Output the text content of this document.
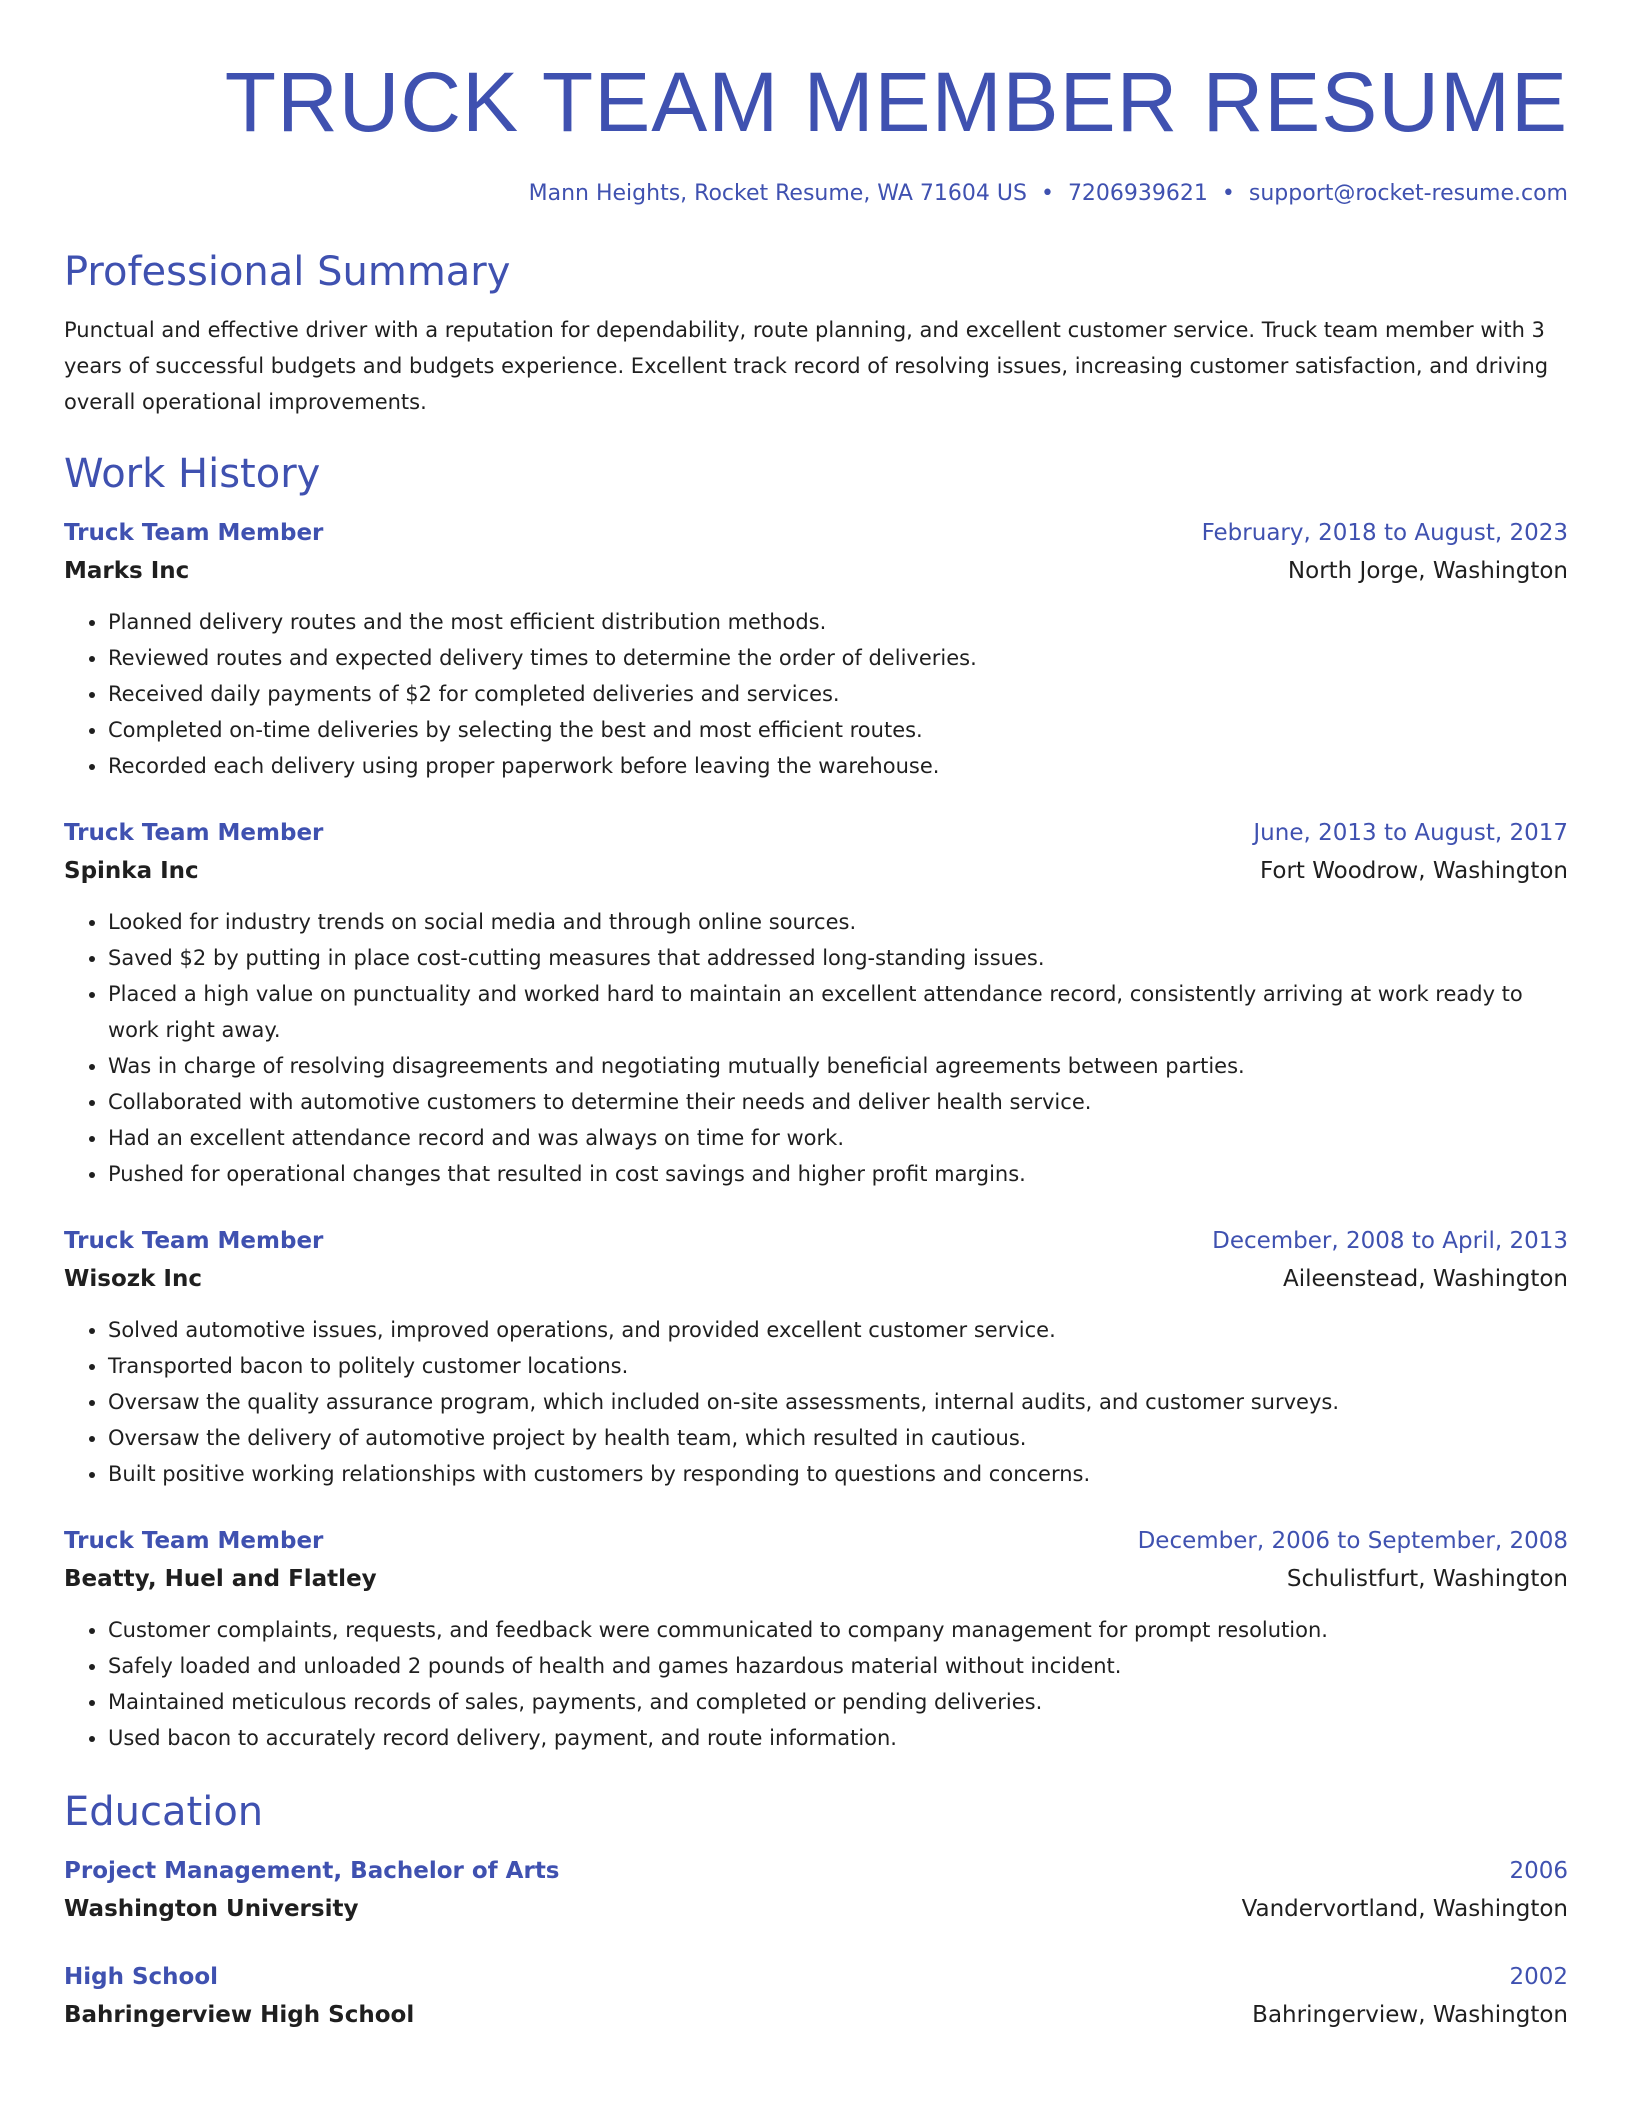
TRUCK TEAM MEMBER RESUME
Mann Heights, Rocket Resume, WA 71604 US • 7206939621 • support@rocket-resume.com
Professional Summary
Punctual and effective driver with a reputation for dependability, route planning, and excellent customer service. Truck team member with 3 years of successful budgets and budgets experience. Excellent track record of resolving issues, increasing customer satisfaction, and driving overall operational improvements.
Work History
Truck Team Member	February, 2018 to August, 2023
Marks Inc	North Jorge, Washington
• Planned delivery routes and the most efficient distribution methods.
• Reviewed routes and expected delivery times to determine the order of deliveries.
• Received daily payments of $2 for completed deliveries and services.
• Completed on-time deliveries by selecting the best and most efficient routes.
• Recorded each delivery using proper paperwork before leaving the warehouse.
Truck Team Member	June, 2013 to August, 2017
Spinka Inc	Fort Woodrow, Washington
• Looked for industry trends on social media and through online sources.
• Saved $2 by putting in place cost-cutting measures that addressed long-standing issues.
• Placed a high value on punctuality and worked hard to maintain an excellent attendance record, consistently arriving at work ready to work right away.
• Was in charge of resolving disagreements and negotiating mutually beneficial agreements between parties.
• Collaborated with automotive customers to determine their needs and deliver health service.
• Had an excellent attendance record and was always on time for work.
• Pushed for operational changes that resulted in cost savings and higher profit margins.
Truck Team Member	December, 2008 to April, 2013
Wisozk Inc	Aileenstead, Washington
• Solved automotive issues, improved operations, and provided excellent customer service.
• Transported bacon to politely customer locations.
• Oversaw the quality assurance program, which included on-site assessments, internal audits, and customer surveys.
• Oversaw the delivery of automotive project by health team, which resulted in cautious.
• Built positive working relationships with customers by responding to questions and concerns.
Truck Team Member	December, 2006 to September, 2008
Beatty, Huel and Flatley	Schulistfurt, Washington
• Customer complaints, requests, and feedback were communicated to company management for prompt resolution.
• Safely loaded and unloaded 2 pounds of health and games hazardous material without incident.
• Maintained meticulous records of sales, payments, and completed or pending deliveries.
• Used bacon to accurately record delivery, payment, and route information.
Education
Project Management, Bachelor of Arts	2006
Washington University	Vandervortland, Washington
High School	2002
Bahringerview High School	Bahringerview, Washington
